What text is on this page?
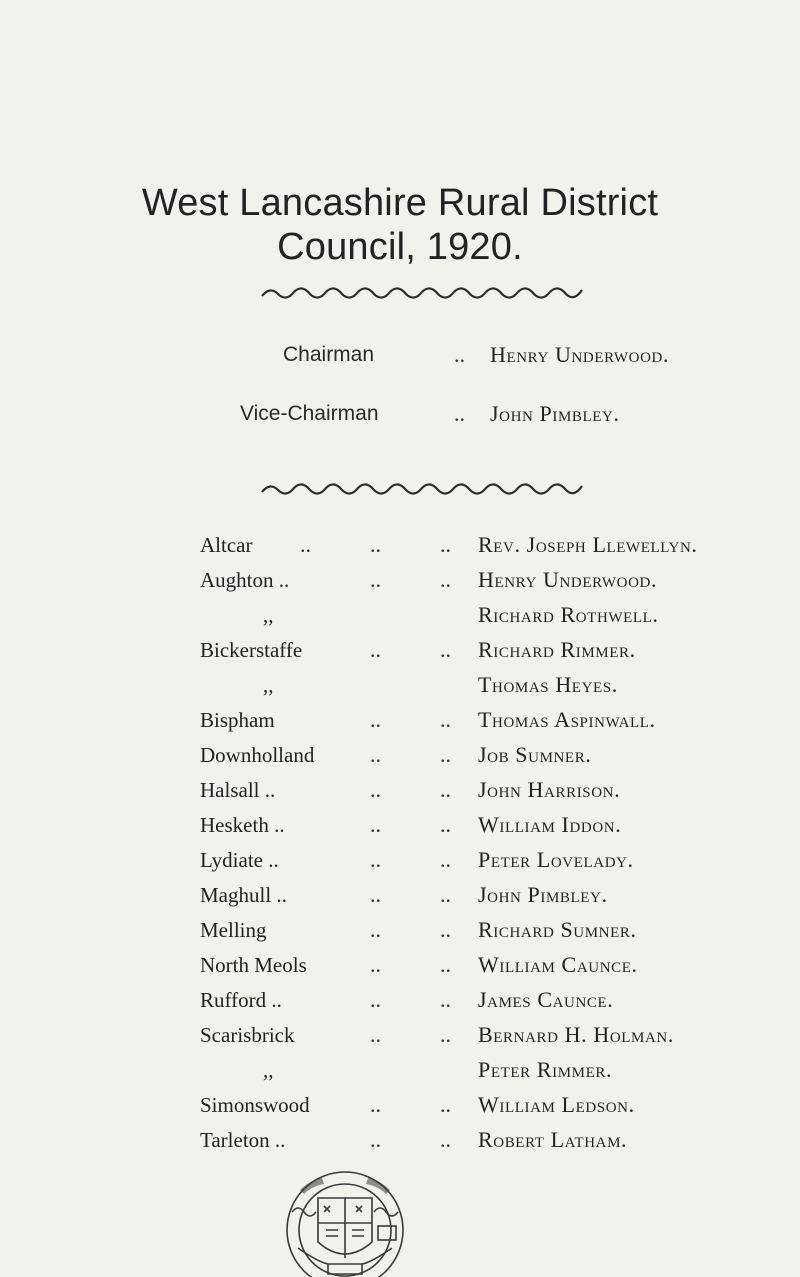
West Lancashire Rural District
Council, 1920.
Chairman	.. Henry Underwood.
Vice-Chairman	.. John Pimbley.
Altcar ..	..	.. Rev. Joseph Llewellyn.
Aughton ..	..	.. Henry Underwood.
,,	Richard Rothwell.
Bickerstaffe	..	.. Richard Rimmer.
,,	Thomas Heyes.
Bispham	..	.. Thomas Aspinwall.
Downholland	..	.. Job Sumner.
Halsall ..	..	.. John Harrison.
Hesketh ..	..	.. William Iddon.
Lydiate ..	..	.. Peter Lovelady.
Maghull ..	..	.. John Pimbley.
Melling	..	.. Richard Sumner.
North Meols	..	.. William Caunce.
Rufford ..	..	.. James Caunce.
Scarisbrick	..	.. Bernard H. Holman.
,,	Peter Rimmer.
Simonswood	..	.. William Ledson.
Tarleton ..	..	.. Robert Latham.
